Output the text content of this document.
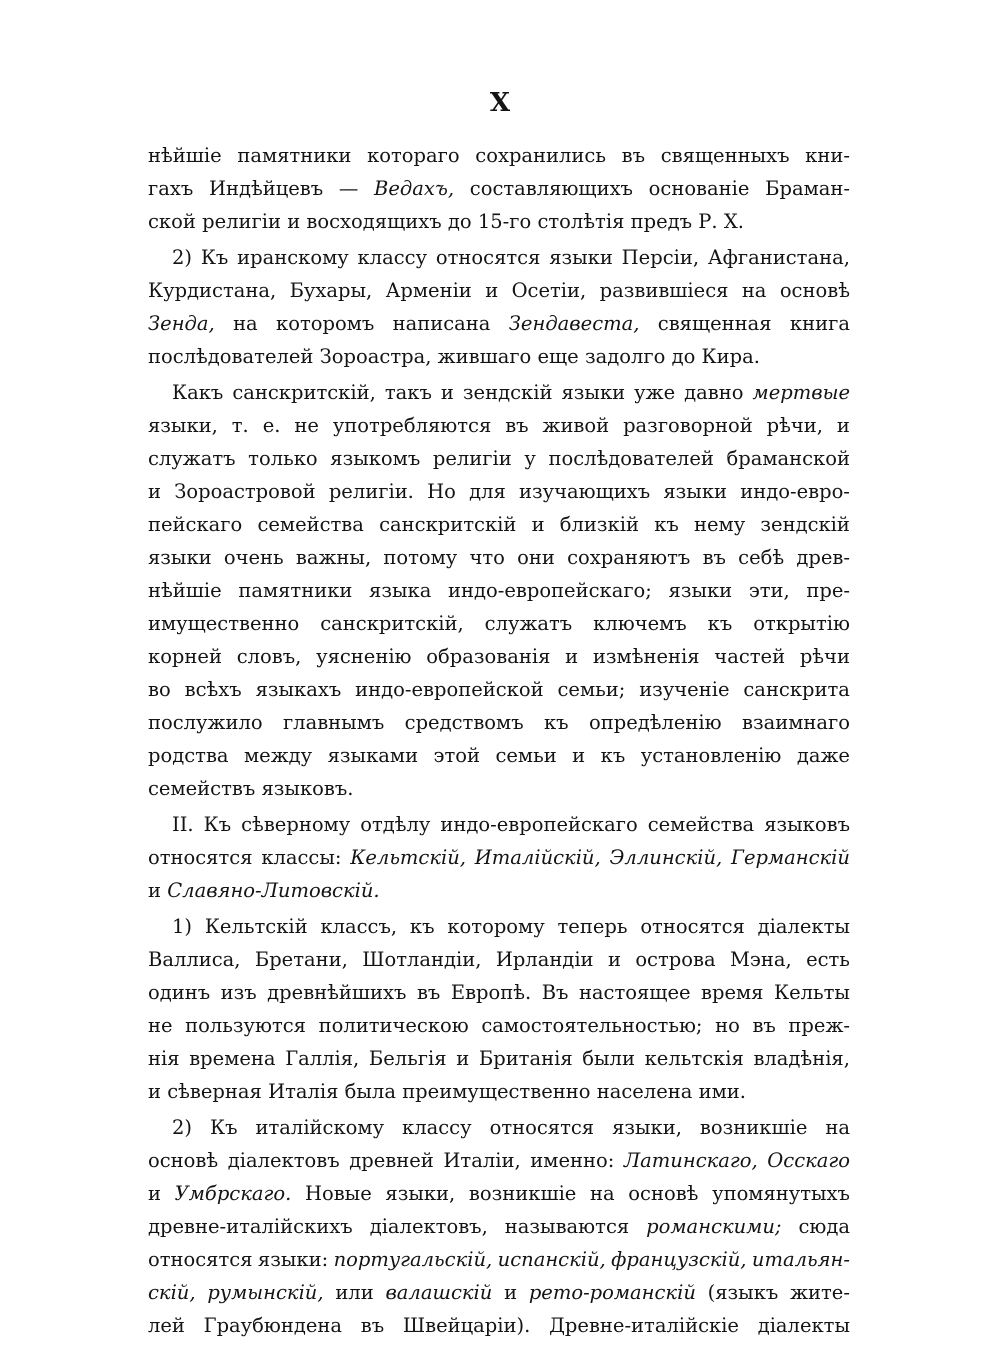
X
нѣйшіе памятники котораго сохранились въ священныхъ кни-
гахъ Индѣйцевъ — Ведахъ, составляющихъ основаніе Браман-
ской религіи и восходящихъ до 15-го столѣтія предъ Р. Х.
2) Къ иранскому классу относятся языки Персіи, Афганистана,
Курдистана, Бухары, Арменіи и Осетіи, развившіеся на основѣ
Зенда, на которомъ написана Зендавеста, священная книга
послѣдователей Зороастра, жившаго еще задолго до Кира.
Какъ санскритскій, такъ и зендскій языки уже давно мертвые
языки, т. е. не употребляются въ живой разговорной рѣчи, и
служатъ только языкомъ религіи у послѣдователей браманской
и Зороастровой религіи. Но для изучающихъ языки индо-евро-
пейскаго семейства санскритскій и близкій къ нему зендскій
языки очень важны, потому что они сохраняютъ въ себѣ древ-
нѣйшіе памятники языка индо-европейскаго; языки эти, пре-
имущественно санскритскій, служатъ ключемъ къ открытію
корней словъ, уясненію образованія и измѣненія частей рѣчи
во всѣхъ языкахъ индо-европейской семьи; изученіе санскрита
послужило главнымъ средствомъ къ опредѣленію взаимнаго
родства между языками этой семьи и къ установленію даже
семействъ языковъ.
II. Къ сѣверному отдѣлу индо-европейскаго семейства языковъ
относятся классы: Кельтскій, Италійскій, Эллинскій, Германскій
и Славяно-Литовскій.
1) Кельтскій классъ, къ которому теперь относятся діалекты
Валлиса, Бретани, Шотландіи, Ирландіи и острова Мэна, есть
одинъ изъ древнѣйшихъ въ Европѣ. Въ настоящее время Кельты
не пользуются политическою самостоятельностью; но въ преж-
нія времена Галлія, Бельгія и Британія были кельтскія владѣнія,
и сѣверная Италія была преимущественно населена ими.
2) Къ италійскому классу относятся языки, возникшіе на
основѣ діалектовъ древней Италіи, именно: Латинскаго, Осскаго
и Умбрскаго. Новые языки, возникшіе на основѣ упомянутыхъ
древне-италійскихъ діалектовъ, называются романскими; сюда
относятся языки: португальскій, испанскій, французскій, итальян-
скій, румынскій, или валашскій и рето-романскій (языкъ жите-
лей Граубюндена въ Швейцаріи). Древне-италійскіе діалекты
